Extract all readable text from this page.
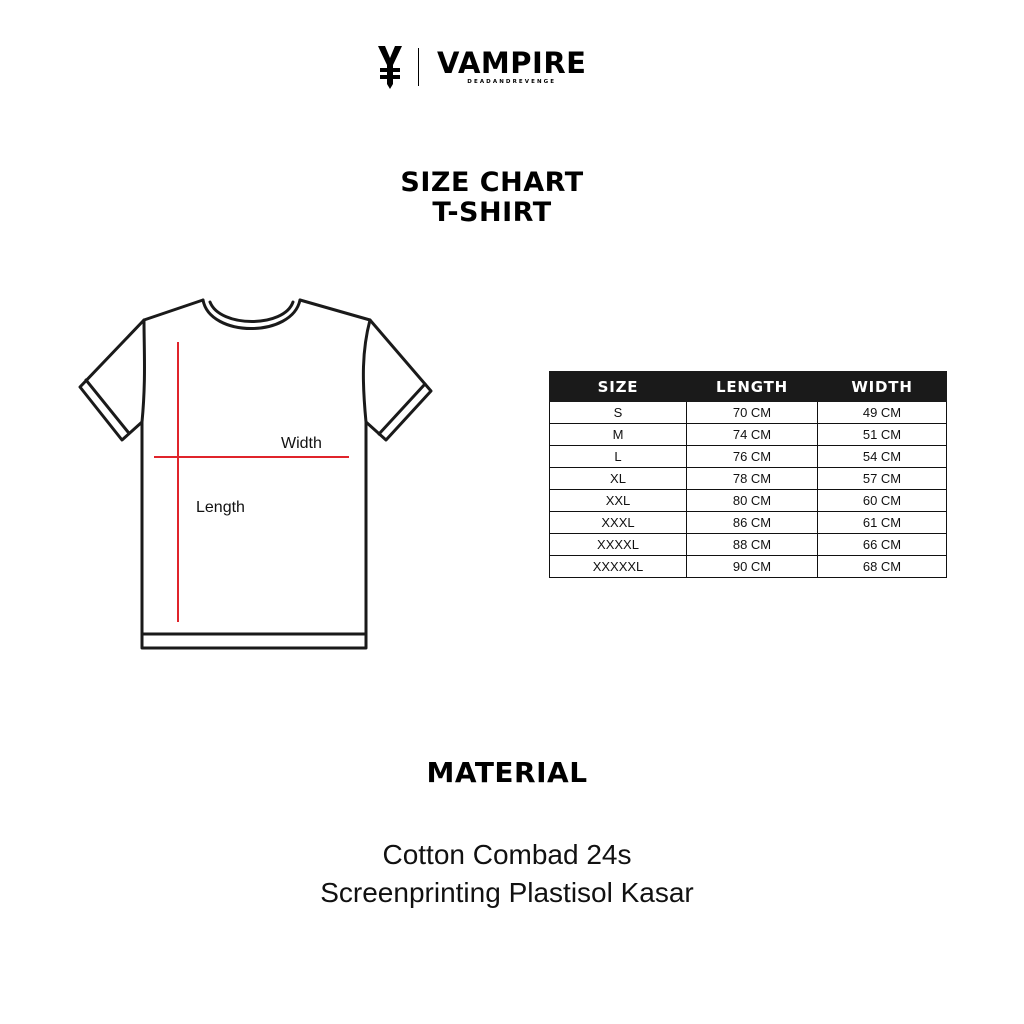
VAMPIRE
DEADANDREVENGE
SIZE CHART
T-SHIRT
Width
Length
SIZE	LENGTH	WIDTH
S	70 CM	49 CM
M	74 CM	51 CM
L	76 CM	54 CM
XL	78 CM	57 CM
XXL	80 CM	60 CM
XXXL	86 CM	61 CM
XXXXL	88 CM	66 CM
XXXXXL	90 CM	68 CM
MATERIAL
Cotton Combad 24s
Screenprinting Plastisol Kasar
